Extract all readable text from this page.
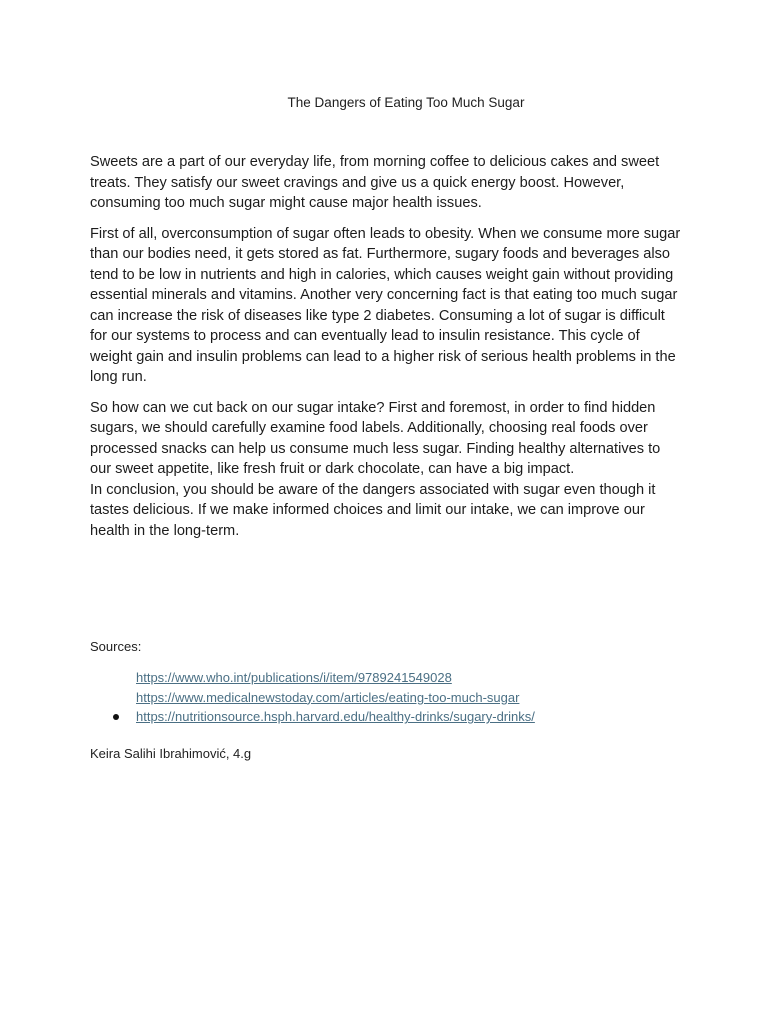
The Dangers of Eating Too Much Sugar

Sweets are a part of our everyday life, from morning coffee to delicious cakes and sweet treats. They satisfy our sweet cravings and give us a quick energy boost. However, consuming too much sugar might cause major health issues.

First of all, overconsumption of sugar often leads to obesity. When we consume more sugar than our bodies need, it gets stored as fat. Furthermore, sugary foods and beverages also tend to be low in nutrients and high in calories, which causes weight gain without providing essential minerals and vitamins. Another very concerning fact is that eating too much sugar can increase the risk of diseases like type 2 diabetes. Consuming a lot of sugar is difficult for our systems to process and can eventually lead to insulin resistance. This cycle of weight gain and insulin problems can lead to a higher risk of serious health problems in the long run.

So how can we cut back on our sugar intake? First and foremost, in order to find hidden sugars, we should carefully examine food labels. Additionally, choosing real foods over processed snacks can help us consume much less sugar. Finding healthy alternatives to our sweet appetite, like fresh fruit or dark chocolate, can have a big impact.

In conclusion, you should be aware of the dangers associated with sugar even though it tastes delicious. If we make informed choices and limit our intake, we can improve our health in the long-term.

Sources:
https://www.who.int/publications/i/item/9789241549028
https://www.medicalnewstoday.com/articles/eating-too-much-sugar
https://nutritionsource.hsph.harvard.edu/healthy-drinks/sugary-drinks/
Keira Salihi Ibrahimović, 4.g
